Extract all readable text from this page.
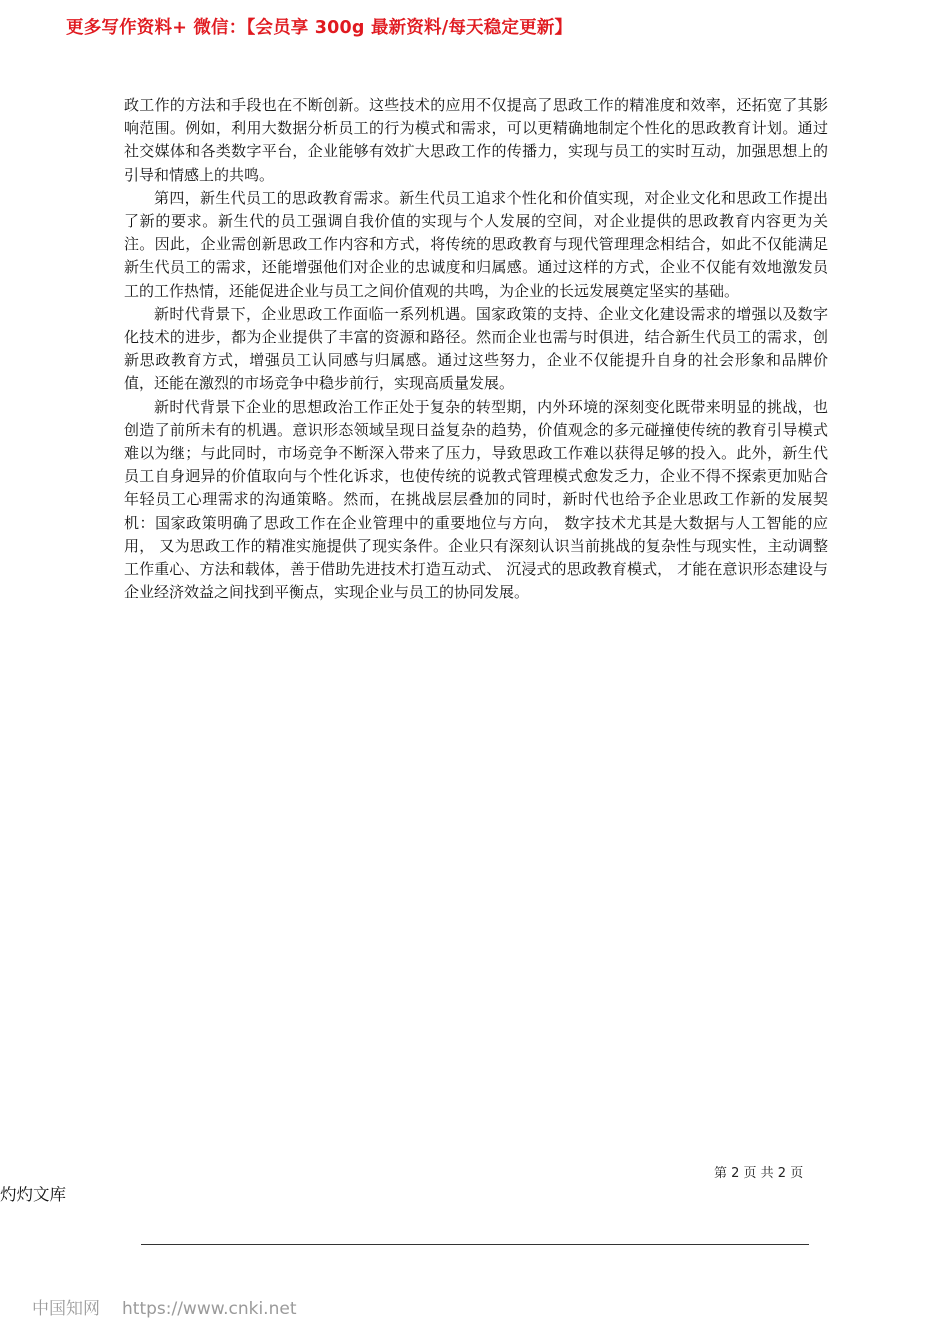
更多写作资料+ 微信：【会员享 300g 最新资料/每天稳定更新】

政工作的方法和手段也在不断创新。这些技术的应用不仅提高了思政工作的精准度和效率，还拓宽了其影响范围。例如，利用大数据分析员工的行为模式和需求，可以更精确地制定个性化的思政教育计划。通过社交媒体和各类数字平台，企业能够有效扩大思政工作的传播力，实现与员工的实时互动，加强思想上的引导和情感上的共鸣。

第四，新生代员工的思政教育需求。新生代员工追求个性化和价值实现，对企业文化和思政工作提出了新的要求。新生代的员工强调自我价值的实现与个人发展的空间，对企业提供的思政教育内容更为关注。因此，企业需创新思政工作内容和方式，将传统的思政教育与现代管理理念相结合，如此不仅能满足新生代员工的需求，还能增强他们对企业的忠诚度和归属感。通过这样的方式，企业不仅能有效地激发员工的工作热情，还能促进企业与员工之间价值观的共鸣，为企业的长远发展奠定坚实的基础。

新时代背景下，企业思政工作面临一系列机遇。国家政策的支持、企业文化建设需求的增强以及数字化技术的进步，都为企业提供了丰富的资源和路径。然而企业也需与时俱进，结合新生代员工的需求，创新思政教育方式，增强员工认同感与归属感。通过这些努力，企业不仅能提升自身的社会形象和品牌价值，还能在激烈的市场竞争中稳步前行，实现高质量发展。

新时代背景下企业的思想政治工作正处于复杂的转型期，内外环境的深刻变化既带来明显的挑战，也创造了前所未有的机遇。意识形态领域呈现日益复杂的趋势，价值观念的多元碰撞使传统的教育引导模式难以为继；与此同时，市场竞争不断深入带来了压力，导致思政工作难以获得足够的投入。此外，新生代员工自身迥异的价值取向与个性化诉求，也使传统的说教式管理模式愈发乏力，企业不得不探索更加贴合年轻员工心理需求的沟通策略。然而，在挑战层层叠加的同时，新时代也给予企业思政工作新的发展契机：国家政策明确了思政工作在企业管理中的重要地位与方向， 数字技术尤其是大数据与人工智能的应用， 又为思政工作的精准实施提供了现实条件。企业只有深刻认识当前挑战的复杂性与现实性，主动调整工作重心、方法和载体，善于借助先进技术打造互动式、 沉浸式的思政教育模式， 才能在意识形态建设与企业经济效益之间找到平衡点，实现企业与员工的协同发展。

第 2 页 共 2 页
灼灼文库
中国知网 https://www.cnki.net
